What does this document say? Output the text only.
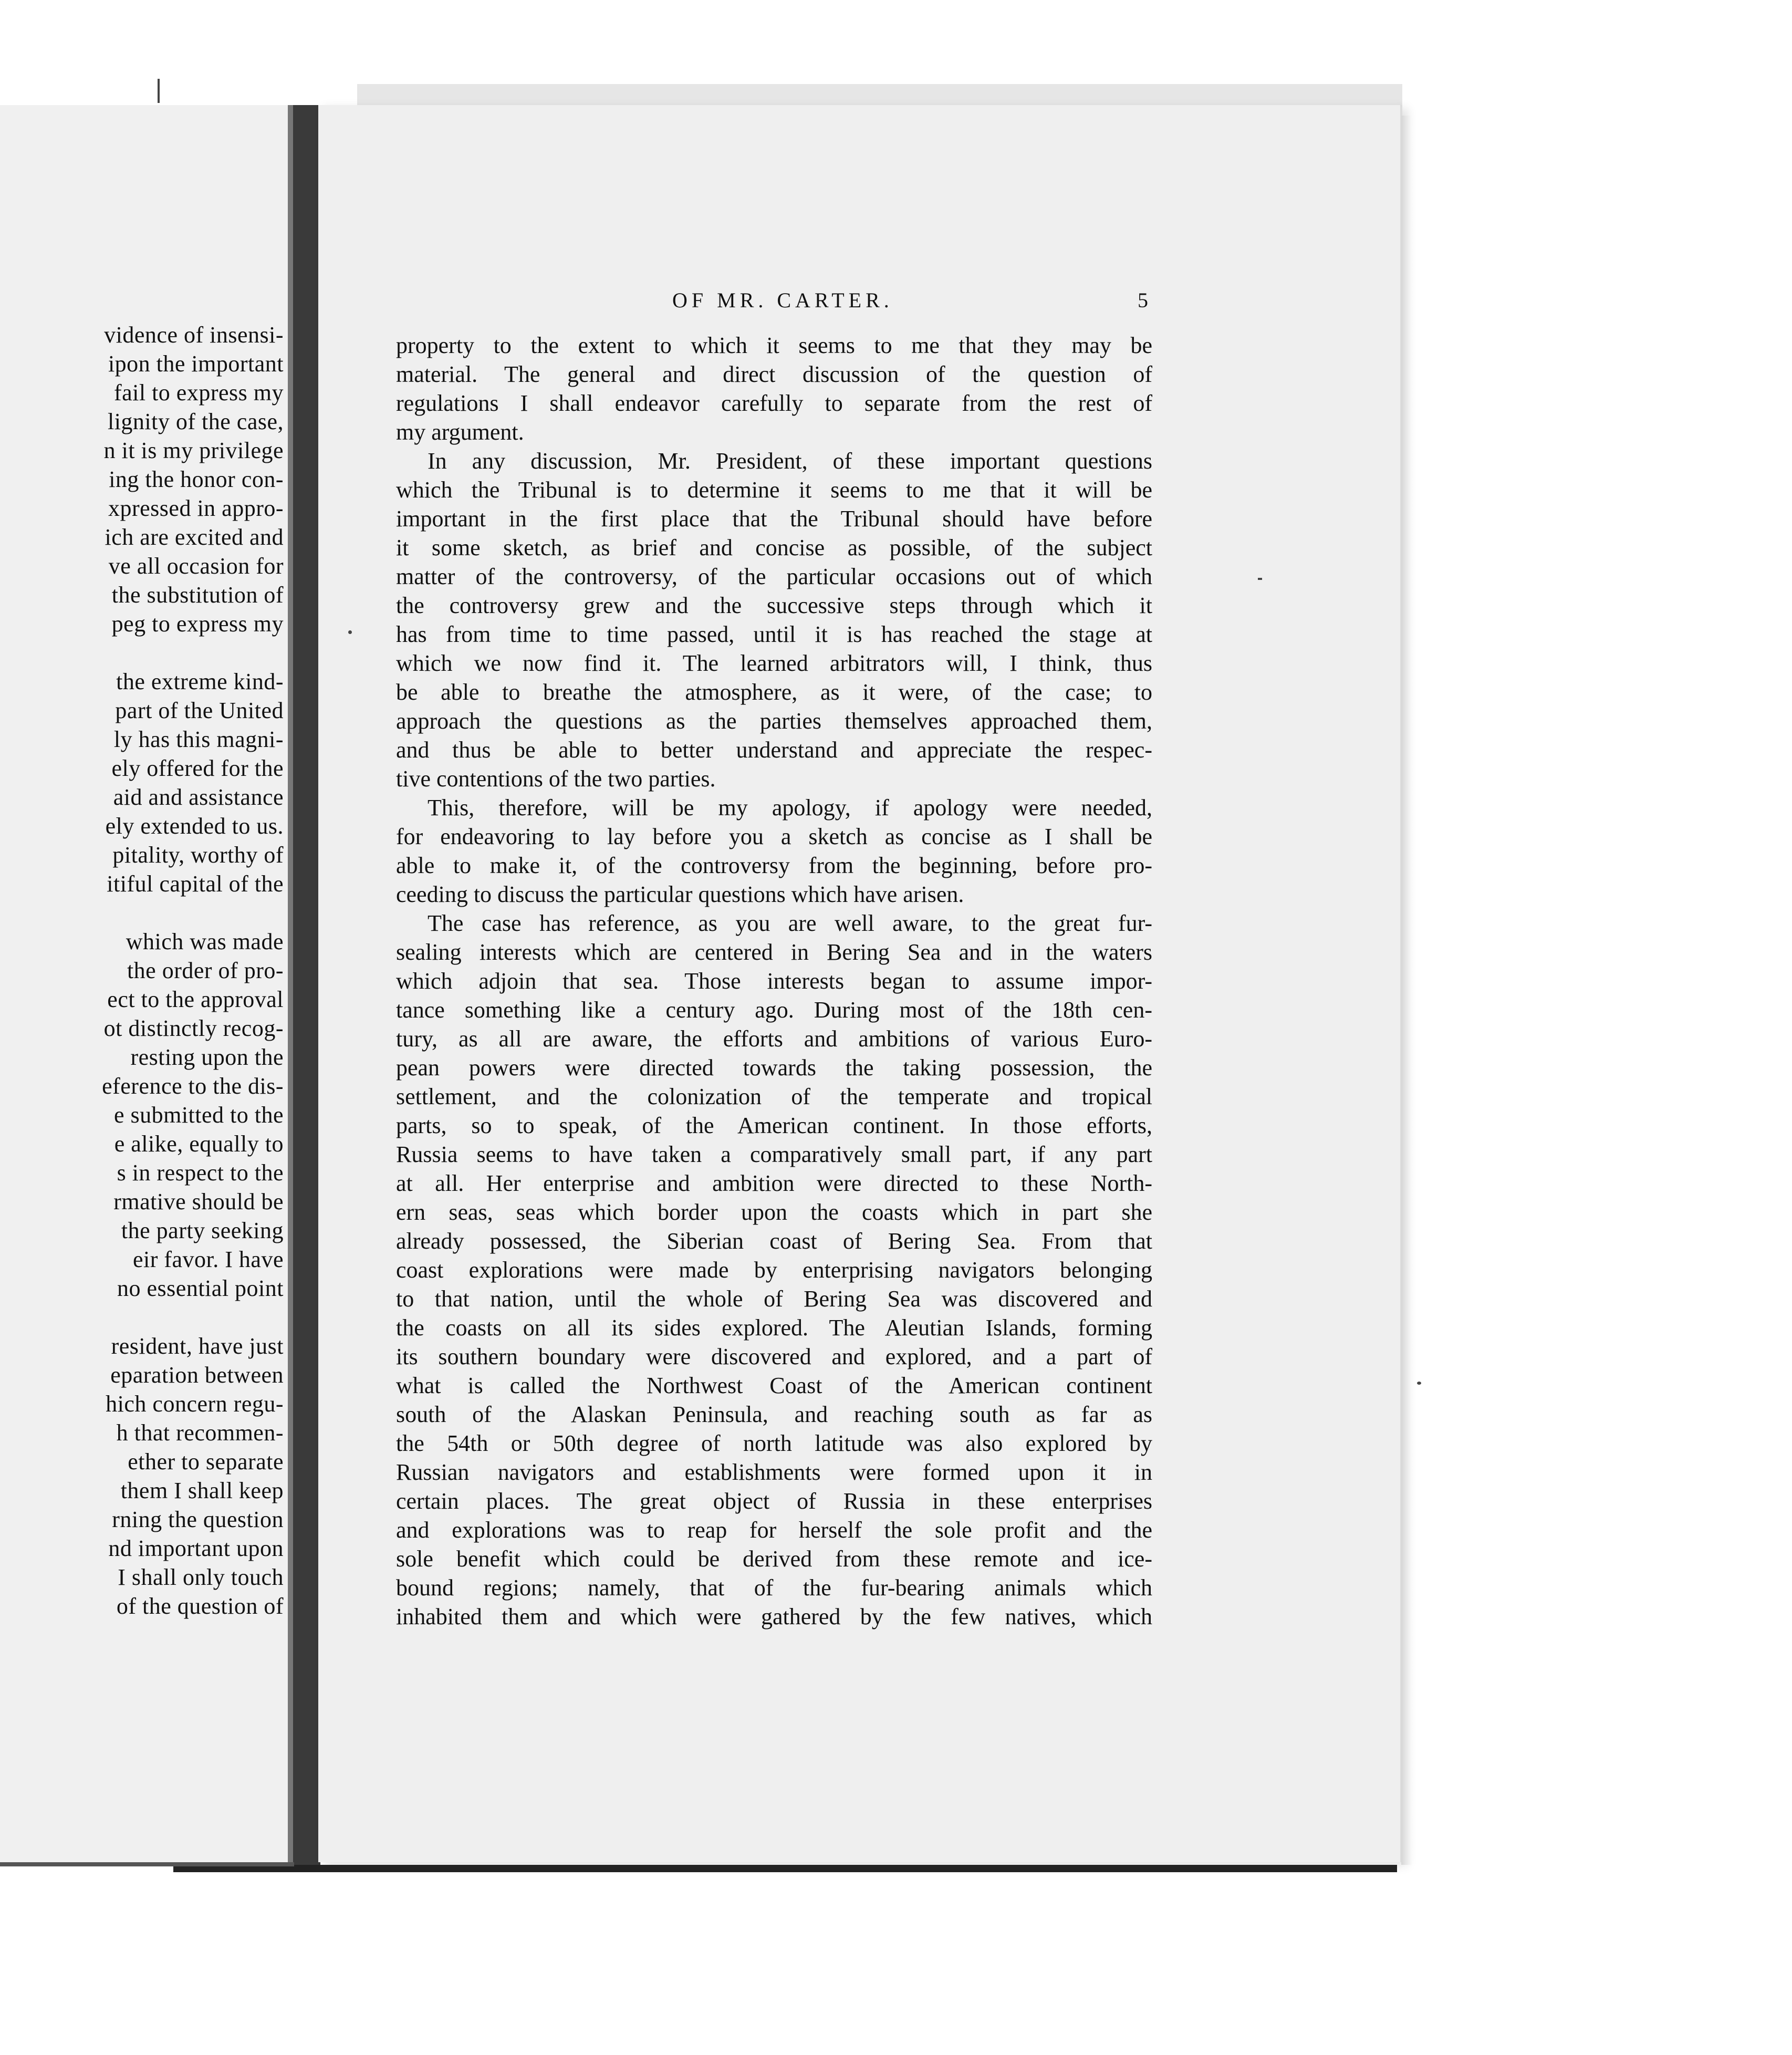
vidence of insensi-
ipon the important
fail to express my
lignity of the case,
n it is my privilege
ing the honor con-
xpressed in appro-
ich are excited and
ve all occasion for
the substitution of
peg to express my
the extreme kind-
part of the United
ly has this magni-
ely offered for the
aid and assistance
ely extended to us.
pitality, worthy of
itiful capital of the
which was made
the order of pro-
ect to the approval
ot distinctly recog-
resting upon the
eference to the dis-
e submitted to the
e alike, equally to
s in respect to the
rmative should be
the party seeking
eir favor. I have
no essential point
resident, have just
eparation between
hich concern regu-
h that recommen-
ether to separate
them I shall keep
rning the question
nd important upon
I shall only touch
of the question of
OF MR. CARTER.	5
property to the extent to which it seems to me that they may be
material. The general and direct discussion of the question of
regulations I shall endeavor carefully to separate from the rest of
my argument.
In any discussion, Mr. President, of these important questions
which the Tribunal is to determine it seems to me that it will be
important in the first place that the Tribunal should have before
it some sketch, as brief and concise as possible, of the subject
matter of the controversy, of the particular occasions out of which
the controversy grew and the successive steps through which it
has from time to time passed, until it is has reached the stage at
which we now find it. The learned arbitrators will, I think, thus
be able to breathe the atmosphere, as it were, of the case; to
approach the questions as the parties themselves approached them,
and thus be able to better understand and appreciate the respec-
tive contentions of the two parties.
This, therefore, will be my apology, if apology were needed,
for endeavoring to lay before you a sketch as concise as I shall be
able to make it, of the controversy from the beginning, before pro-
ceeding to discuss the particular questions which have arisen.
The case has reference, as you are well aware, to the great fur-
sealing interests which are centered in Bering Sea and in the waters
which adjoin that sea. Those interests began to assume impor-
tance something like a century ago. During most of the 18th cen-
tury, as all are aware, the efforts and ambitions of various Euro-
pean powers were directed towards the taking possession, the
settlement, and the colonization of the temperate and tropical
parts, so to speak, of the American continent. In those efforts,
Russia seems to have taken a comparatively small part, if any part
at all. Her enterprise and ambition were directed to these North-
ern seas, seas which border upon the coasts which in part she
already possessed, the Siberian coast of Bering Sea. From that
coast explorations were made by enterprising navigators belonging
to that nation, until the whole of Bering Sea was discovered and
the coasts on all its sides explored. The Aleutian Islands, forming
its southern boundary were discovered and explored, and a part of
what is called the Northwest Coast of the American continent
south of the Alaskan Peninsula, and reaching south as far as
the 54th or 50th degree of north latitude was also explored by
Russian navigators and establishments were formed upon it in
certain places. The great object of Russia in these enterprises
and explorations was to reap for herself the sole profit and the
sole benefit which could be derived from these remote and ice-
bound regions; namely, that of the fur-bearing animals which
inhabited them and which were gathered by the few natives, which
